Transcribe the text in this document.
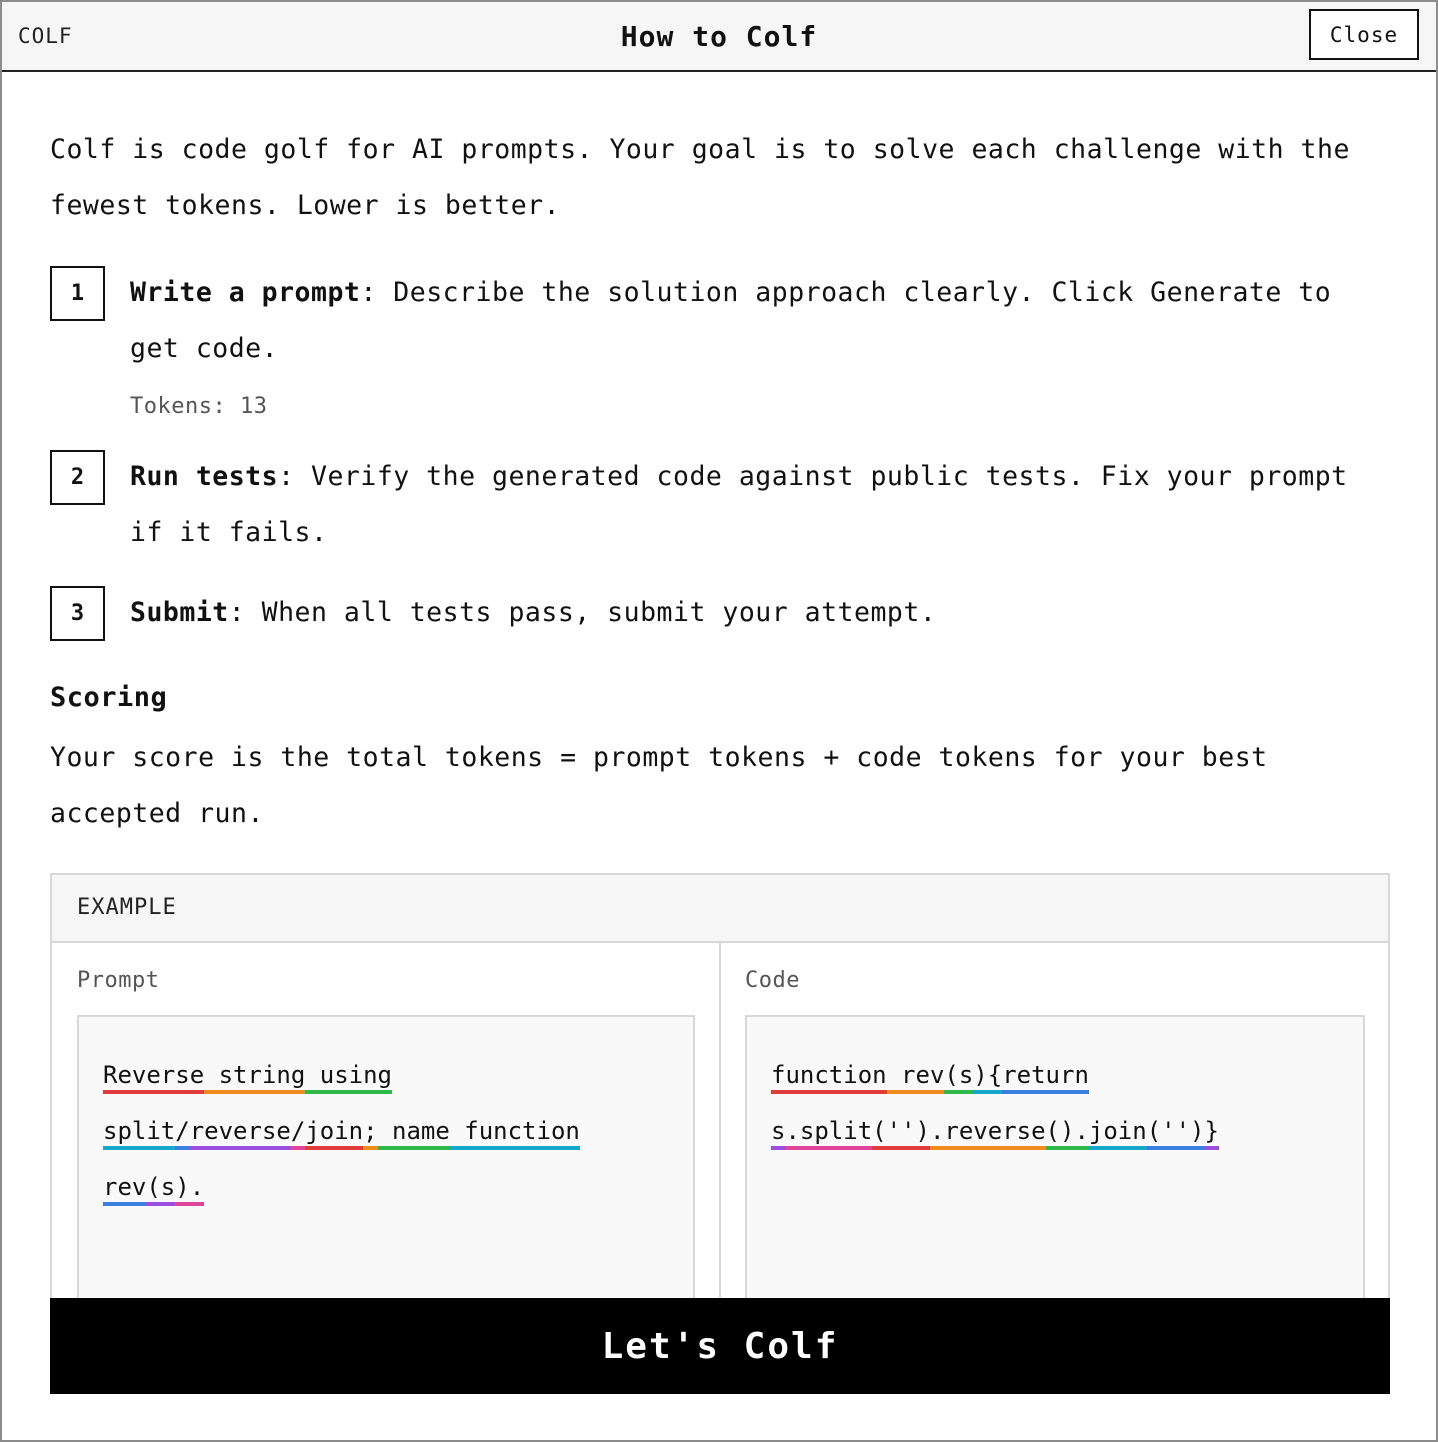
COLF	How to Colf	Close

Colf is code golf for AI prompts. Your goal is to solve each challenge with the fewest tokens. Lower is better.

1	Write a prompt: Describe the solution approach clearly. Click Generate to get code.
Tokens: 13
2	Run tests: Verify the generated code against public tests. Fix your prompt if it fails.
3	Submit: When all tests pass, submit your attempt.
Scoring

Your score is the total tokens = prompt tokens + code tokens for your best accepted run.

EXAMPLE
Prompt
Reverse string using split/reverse/join; name function rev(s).
Code
function rev(s){return s.split('').reverse().join('')}
Let's Colf
